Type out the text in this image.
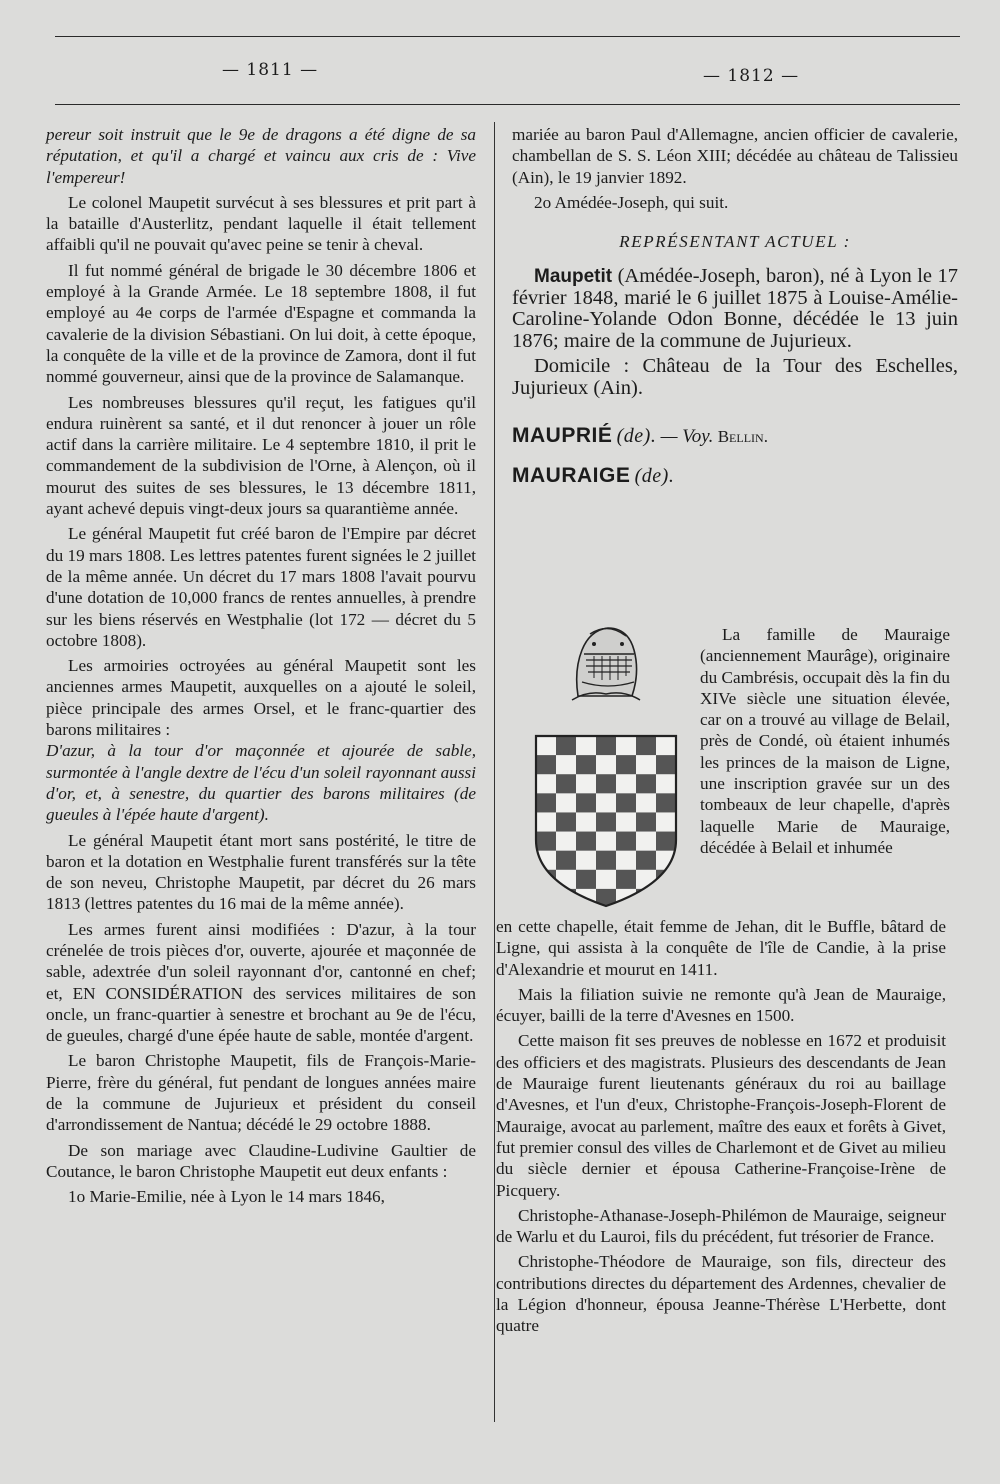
— 1811 —	— 1812 —

pereur soit instruit que le 9e de dragons a été digne de sa réputation, et qu'il a chargé et vaincu aux cris de : Vive l'empereur!

Le colonel Maupetit survécut à ses blessures et prit part à la bataille d'Austerlitz, pendant laquelle il était tellement affaibli qu'il ne pouvait qu'avec peine se tenir à cheval.

Il fut nommé général de brigade le 30 décembre 1806 et employé à la Grande Armée. Le 18 septembre 1808, il fut employé au 4e corps de l'armée d'Espagne et commanda la cavalerie de la division Sébastiani. On lui doit, à cette époque, la conquête de la ville et de la province de Zamora, dont il fut nommé gouverneur, ainsi que de la province de Salamanque.

Les nombreuses blessures qu'il reçut, les fatigues qu'il endura ruinèrent sa santé, et il dut renoncer à jouer un rôle actif dans la carrière militaire. Le 4 septembre 1810, il prit le commandement de la subdivision de l'Orne, à Alençon, où il mourut des suites de ses blessures, le 13 décembre 1811, ayant achevé depuis vingt-deux jours sa quarantième année.

Le général Maupetit fut créé baron de l'Empire par décret du 19 mars 1808. Les lettres patentes furent signées le 2 juillet de la même année. Un décret du 17 mars 1808 l'avait pourvu d'une dotation de 10,000 francs de rentes annuelles, à prendre sur les biens réservés en Westphalie (lot 172 — décret du 5 octobre 1808).

Les armoiries octroyées au général Maupetit sont les anciennes armes Maupetit, auxquelles on a ajouté le soleil, pièce principale des armes Orsel, et le franc-quartier des barons militaires :

D'azur, à la tour d'or maçonnée et ajourée de sable, surmontée à l'angle dextre de l'écu d'un soleil rayonnant aussi d'or, et, à senestre, du quartier des barons militaires (de gueules à l'épée haute d'argent).

Le général Maupetit étant mort sans postérité, le titre de baron et la dotation en Westphalie furent transférés sur la tête de son neveu, Christophe Maupetit, par décret du 26 mars 1813 (lettres patentes du 16 mai de la même année).

Les armes furent ainsi modifiées : D'azur, à la tour crénelée de trois pièces d'or, ouverte, ajourée et maçonnée de sable, adextrée d'un soleil rayonnant d'or, cantonné en chef; et, EN CONSIDÉRATION des services militaires de son oncle, un franc-quartier à senestre et brochant au 9e de l'écu, de gueules, chargé d'une épée haute de sable, montée d'argent.

Le baron Christophe Maupetit, fils de François-Marie-Pierre, frère du général, fut pendant de longues années maire de la commune de Jujurieux et président du conseil d'arrondissement de Nantua; décédé le 29 octobre 1888.

De son mariage avec Claudine-Ludivine Gaultier de Coutance, le baron Christophe Maupetit eut deux enfants :

1o Marie-Emilie, née à Lyon le 14 mars 1846,

mariée au baron Paul d'Allemagne, ancien officier de cavalerie, chambellan de S. S. Léon XIII; décédée au château de Talissieu (Ain), le 19 janvier 1892.

2o Amédée-Joseph, qui suit.

REPRÉSENTANT ACTUEL :

Maupetit (Amédée-Joseph, baron), né à Lyon le 17 février 1848, marié le 6 juillet 1875 à Louise-Amélie-Caroline-Yolande Odon Bonne, décédée le 13 juin 1876; maire de la commune de Jujurieux.

Domicile : Château de la Tour des Eschelles, Jujurieux (Ain).

MAUPRIÉ (de). — Voy. Bellin.

MAURAIGE (de).

La famille de Mauraige (anciennement Maurâge), originaire du Cambrésis, occupait dès la fin du XIVe siècle une situation élevée, car on a trouvé au village de Belail, près de Condé, où étaient inhumés les princes de la maison de Ligne, une inscription gravée sur un des tombeaux de leur chapelle, d'après laquelle Marie de Mauraige, décédée à Belail et inhumée

en cette chapelle, était femme de Jehan, dit le Buffle, bâtard de Ligne, qui assista à la conquête de l'île de Candie, à la prise d'Alexandrie et mourut en 1411.

Mais la filiation suivie ne remonte qu'à Jean de Mauraige, écuyer, bailli de la terre d'Avesnes en 1500.

Cette maison fit ses preuves de noblesse en 1672 et produisit des officiers et des magistrats. Plusieurs des descendants de Jean de Mauraige furent lieutenants généraux du roi au baillage d'Avesnes, et l'un d'eux, Christophe-François-Joseph-Florent de Mauraige, avocat au parlement, maître des eaux et forêts à Givet, fut premier consul des villes de Charlemont et de Givet au milieu du siècle dernier et épousa Catherine-Françoise-Irène de Picquery.

Christophe-Athanase-Joseph-Philémon de Mauraige, seigneur de Warlu et du Lauroi, fils du précédent, fut trésorier de France.

Christophe-Théodore de Mauraige, son fils, directeur des contributions directes du département des Ardennes, chevalier de la Légion d'honneur, épousa Jeanne-Thérèse L'Herbette, dont quatre
